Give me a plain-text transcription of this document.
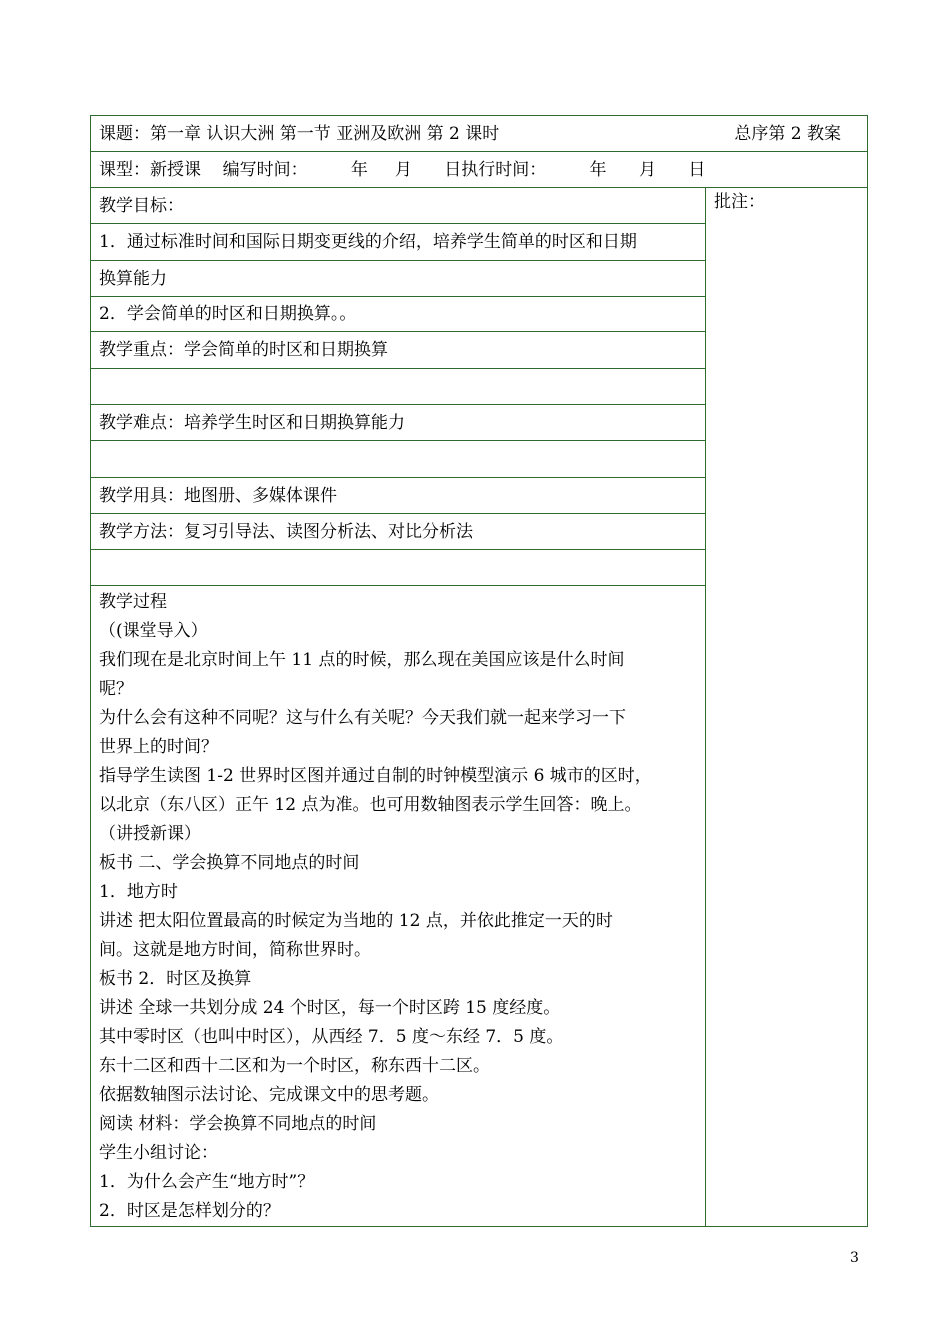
课题：第一章 认识大洲 第一节 亚洲及欧洲 第 2 课时	总序第 2 教案

课型：新授课    编写时间：        年     月      日执行时间：        年      月      日
教学目标：	批注：
1．通过标准时间和国际日期变更线的介绍，培养学生简单的时区和日期
换算能力
2．学会简单的时区和日期换算。。
教学重点：学会简单的时区和日期换算

教学难点：培养学生时区和日期换算能力

教学用具：地图册、多媒体课件
教学方法：复习引导法、读图分析法、对比分析法

教学过程
（(课堂导入）
我们现在是北京时间上午 11 点的时候，那么现在美国应该是什么时间
呢？
为什么会有这种不同呢？这与什么有关呢？今天我们就一起来学习一下
世界上的时间？
指导学生读图 1-2 世界时区图并通过自制的时钟模型演示 6 城市的区时，
以北京（东八区）正午 12 点为准。也可用数轴图表示学生回答：晚上。
（讲授新课）
板书 二、学会换算不同地点的时间
1．地方时
讲述 把太阳位置最高的时候定为当地的 12 点，并依此推定一天的时
间。这就是地方时间，简称世界时。
板书 2．时区及换算
讲述 全球一共划分成 24 个时区，每一个时区跨 15 度经度。
其中零时区（也叫中时区），从西经 7．5 度～东经 7．5 度。
东十二区和西十二区和为一个时区，称东西十二区。
依据数轴图示法讨论、完成课文中的思考题。
阅读 材料：学会换算不同地点的时间
学生小组讨论：
1．为什么会产生“地方时”？
2．时区是怎样划分的？
3
